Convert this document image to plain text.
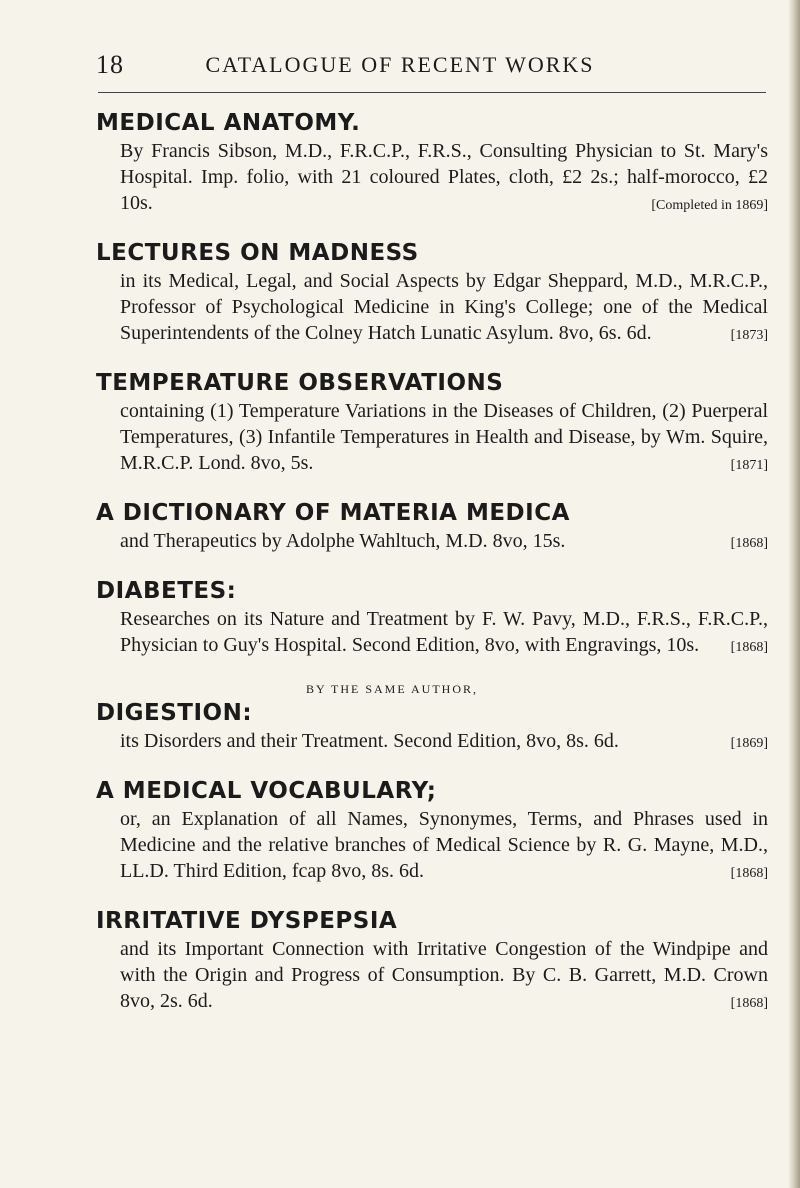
18	CATALOGUE OF RECENT WORKS
MEDICAL ANATOMY.
By Francis Sibson, M.D., F.R.C.P., F.R.S., Consulting Physician to St. Mary's Hospital. Imp. folio, with 21 coloured Plates, cloth, £2 2s.; half-morocco, £2 10s.	[Completed in 1869]
LECTURES ON MADNESS
in its Medical, Legal, and Social Aspects by Edgar Sheppard, M.D., M.R.C.P., Professor of Psychological Medicine in King's College; one of the Medical Superintendents of the Colney Hatch Lunatic Asylum. 8vo, 6s. 6d.	[1873]
TEMPERATURE OBSERVATIONS
containing (1) Temperature Variations in the Diseases of Children, (2) Puerperal Temperatures, (3) Infantile Temperatures in Health and Disease, by Wm. Squire, M.R.C.P. Lond. 8vo, 5s.	[1871]
A DICTIONARY OF MATERIA MEDICA
and Therapeutics by Adolphe Wahltuch, M.D. 8vo, 15s.	[1868]
DIABETES:
Researches on its Nature and Treatment by F. W. Pavy, M.D., F.R.S., F.R.C.P., Physician to Guy's Hospital. Second Edition, 8vo, with Engravings, 10s. [1868]
BY THE SAME AUTHOR,
DIGESTION:
its Disorders and their Treatment. Second Edition, 8vo, 8s. 6d.	[1869]
A MEDICAL VOCABULARY;
or, an Explanation of all Names, Synonymes, Terms, and Phrases used in Medicine and the relative branches of Medical Science by R. G. Mayne, M.D., LL.D. Third Edition, fcap 8vo, 8s. 6d.	[1868]
IRRITATIVE DYSPEPSIA
and its Important Connection with Irritative Congestion of the Windpipe and with the Origin and Progress of Consumption. By C. B. Garrett, M.D. Crown 8vo, 2s. 6d.	[1868]
